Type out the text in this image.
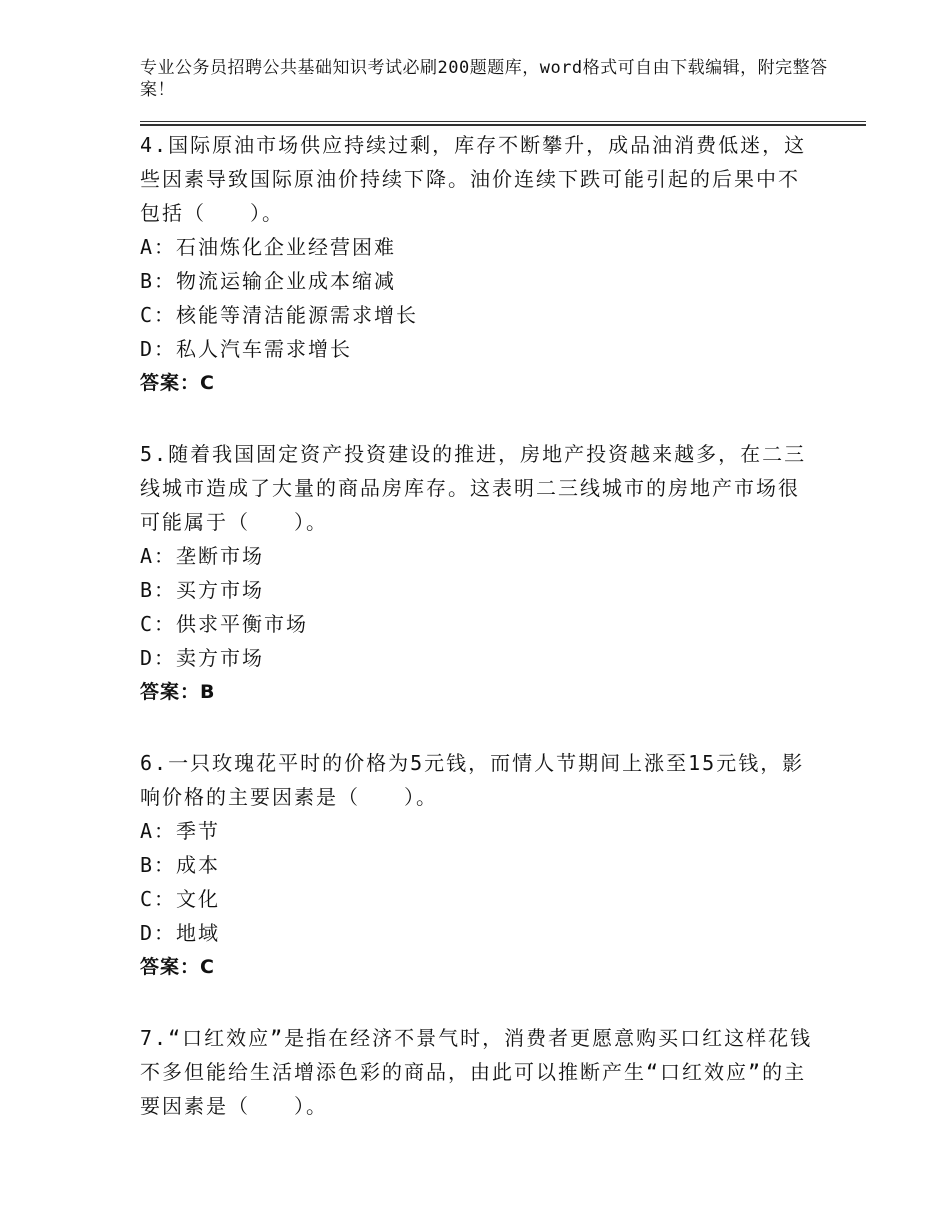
专业公务员招聘公共基础知识考试必刷200题题库，word格式可自由下载编辑，附完整答案！
4.国际原油市场供应持续过剩，库存不断攀升，成品油消费低迷，这些因素导致国际原油价持续下降。油价连续下跌可能引起的后果中不包括（　　）。
A：石油炼化企业经营困难
B：物流运输企业成本缩减
C：核能等清洁能源需求增长
D：私人汽车需求增长
答案：C
5.随着我国固定资产投资建设的推进，房地产投资越来越多，在二三线城市造成了大量的商品房库存。这表明二三线城市的房地产市场很可能属于（　　）。
A：垄断市场
B：买方市场
C：供求平衡市场
D：卖方市场
答案：B
6.一只玫瑰花平时的价格为5元钱，而情人节期间上涨至15元钱，影响价格的主要因素是（　　）。
A：季节
B：成本
C：文化
D：地域
答案：C
7.“口红效应”是指在经济不景气时，消费者更愿意购买口红这样花钱不多但能给生活增添色彩的商品，由此可以推断产生“口红效应”的主要因素是（　　）。
